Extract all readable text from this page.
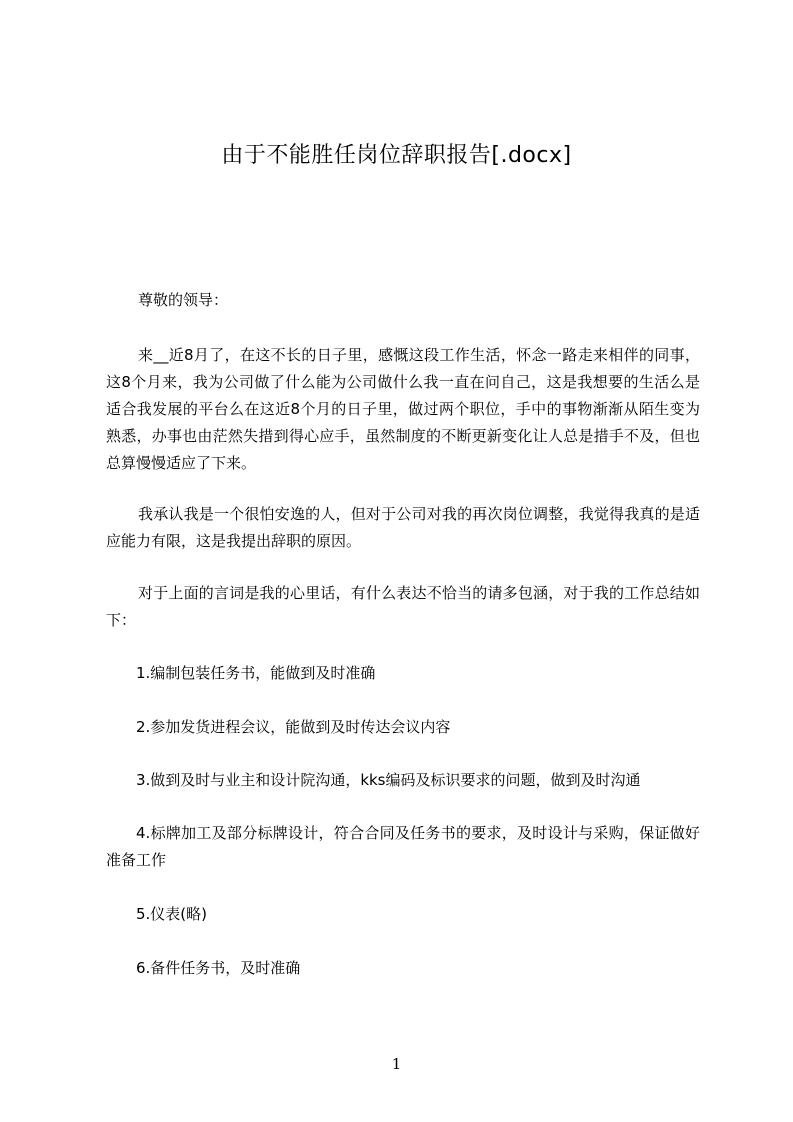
由于不能胜任岗位辞职报告[.docx]
尊敬的领导：
来__近8月了，在这不长的日子里，感慨这段工作生活，怀念一路走来相伴的同事，这8个月来，我为公司做了什么能为公司做什么我一直在问自己，这是我想要的生活么是适合我发展的平台么在这近8个月的日子里，做过两个职位，手中的事物渐渐从陌生变为熟悉，办事也由茫然失措到得心应手，虽然制度的不断更新变化让人总是措手不及，但也总算慢慢适应了下来。
我承认我是一个很怕安逸的人，但对于公司对我的再次岗位调整，我觉得我真的是适应能力有限，这是我提出辞职的原因。
对于上面的言词是我的心里话，有什么表达不恰当的请多包涵，对于我的工作总结如下：
1.编制包装任务书，能做到及时准确
2.参加发货进程会议，能做到及时传达会议内容
3.做到及时与业主和设计院沟通，kks编码及标识要求的问题，做到及时沟通
4.标牌加工及部分标牌设计，符合合同及任务书的要求，及时设计与采购，保证做好准备工作
5.仪表(略)
6.备件任务书，及时准确
1
